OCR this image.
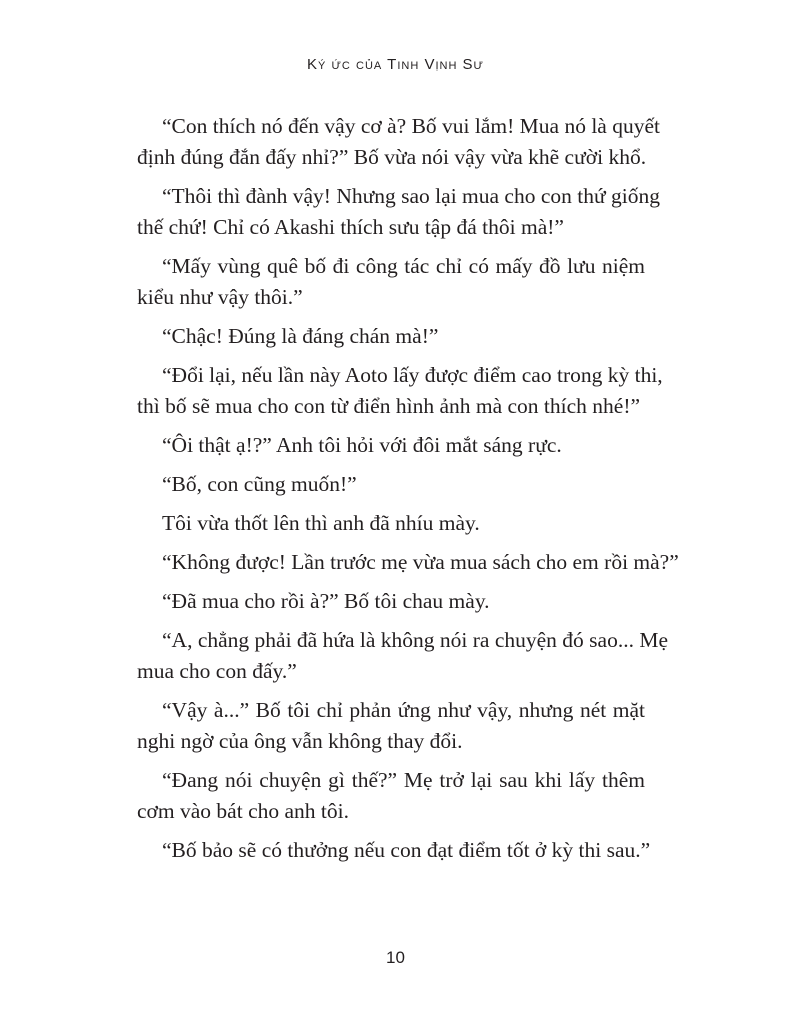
Ký ức của Tinh Vịnh Sư
“Con thích nó đến vậy cơ à? Bố vui lắm! Mua nó là quyết
định đúng đắn đấy nhỉ?” Bố vừa nói vậy vừa khẽ cười khổ.
“Thôi thì đành vậy! Nhưng sao lại mua cho con thứ giống
thế chứ! Chỉ có Akashi thích sưu tập đá thôi mà!”
“Mấy vùng quê bố đi công tác chỉ có mấy đồ lưu niệm
kiểu như vậy thôi.”
“Chậc! Đúng là đáng chán mà!”
“Đổi lại, nếu lần này Aoto lấy được điểm cao trong kỳ thi,
thì bố sẽ mua cho con từ điển hình ảnh mà con thích nhé!”
“Ôi thật ạ!?” Anh tôi hỏi với đôi mắt sáng rực.
“Bố, con cũng muốn!”
Tôi vừa thốt lên thì anh đã nhíu mày.
“Không được! Lần trước mẹ vừa mua sách cho em rồi mà?”
“Đã mua cho rồi à?” Bố tôi chau mày.
“A, chẳng phải đã hứa là không nói ra chuyện đó sao... Mẹ
mua cho con đấy.”
“Vậy à...” Bố tôi chỉ phản ứng như vậy, nhưng nét mặt
nghi ngờ của ông vẫn không thay đổi.
“Đang nói chuyện gì thế?” Mẹ trở lại sau khi lấy thêm
cơm vào bát cho anh tôi.
“Bố bảo sẽ có thưởng nếu con đạt điểm tốt ở kỳ thi sau.”
10
